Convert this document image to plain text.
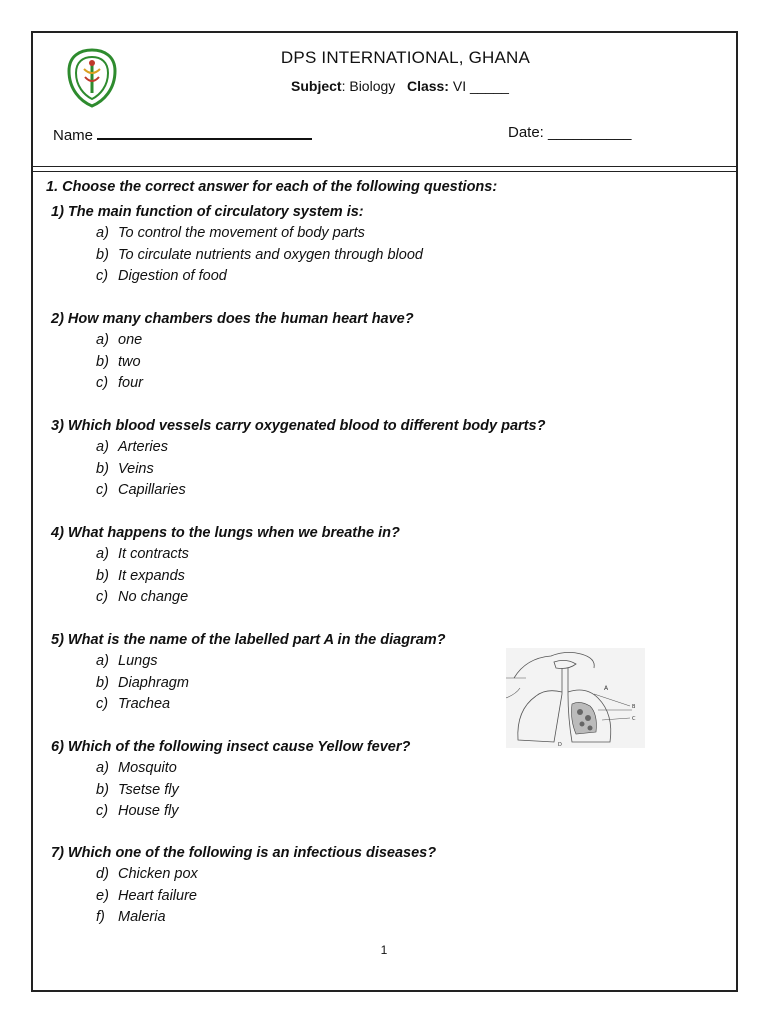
DPS INTERNATIONAL, GHANA
Subject: Biology Class: VI _____
Name	Date: __________
1. Choose the correct answer for each of the following questions:
1) The main function of circulatory system is:
a) To control the movement of body parts
b) To circulate nutrients and oxygen through blood
c) Digestion of food
2) How many chambers does the human heart have?
a) one
b) two
c) four
3) Which blood vessels carry oxygenated blood to different body parts?
a) Arteries
b) Veins
c) Capillaries
4) What happens to the lungs when we breathe in?
a) It contracts
b) It expands
c) No change
5) What is the name of the labelled part A in the diagram?
a) Lungs
b) Diaphragm
c) Trachea
6) Which of the following insect cause Yellow fever?
a) Mosquito
b) Tsetse fly
c) House fly
7) Which one of the following is an infectious diseases?
d) Chicken pox
e) Heart failure
f) Maleria
A
B
C
D
1
